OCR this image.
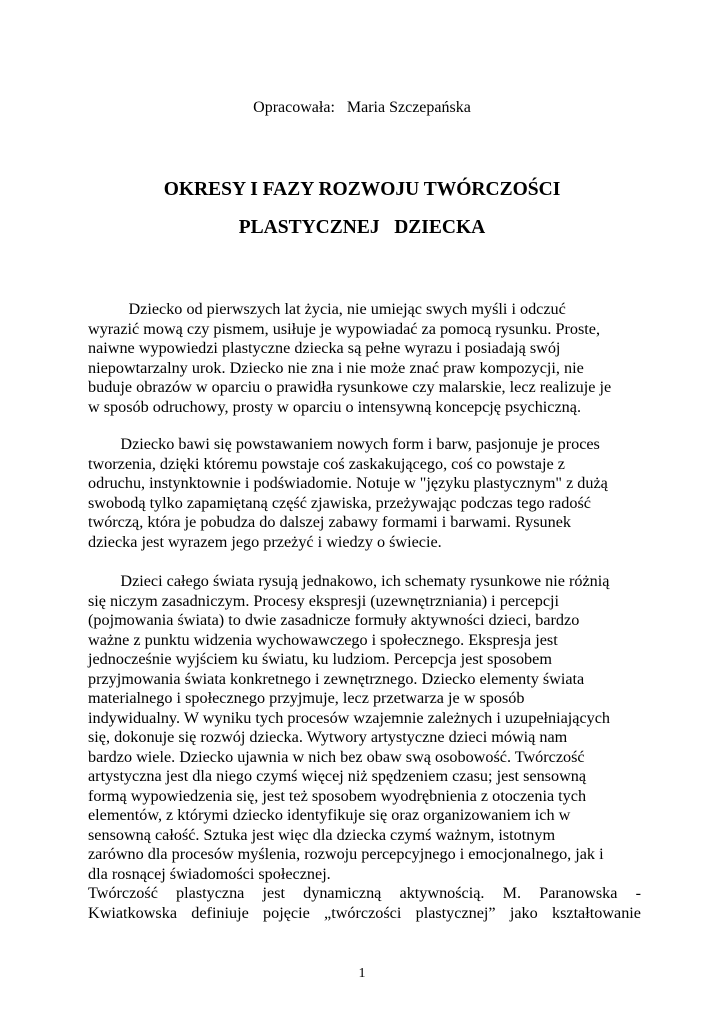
Opracowała:   Maria Szczepańska
OKRESY I FAZY ROZWOJU TWÓRCZOŚCI
PLASTYCZNEJ   DZIECKA
Dziecko od pierwszych lat życia, nie umiejąc swych myśli i odczuć
wyrazić mową czy pismem, usiłuje je wypowiadać za pomocą rysunku. Proste,
naiwne wypowiedzi plastyczne dziecka są pełne wyrazu i posiadają swój
niepowtarzalny urok. Dziecko nie zna i nie może znać praw kompozycji, nie
buduje obrazów w oparciu o prawidła rysunkowe czy malarskie, lecz realizuje je
w sposób odruchowy, prosty w oparciu o intensywną koncepcję psychiczną.
Dziecko bawi się powstawaniem nowych form i barw, pasjonuje je proces
tworzenia, dzięki któremu powstaje coś zaskakującego, coś co powstaje z
odruchu, instynktownie i podświadomie. Notuje w "języku plastycznym" z dużą
swobodą tylko zapamiętaną część zjawiska, przeżywając podczas tego radość
twórczą, która je pobudza do dalszej zabawy formami i barwami. Rysunek
dziecka jest wyrazem jego przeżyć i wiedzy o świecie.
Dzieci całego świata rysują jednakowo, ich schematy rysunkowe nie różnią
się niczym zasadniczym. Procesy ekspresji (uzewnętrzniania) i percepcji
(pojmowania świata) to dwie zasadnicze formuły aktywności dzieci, bardzo
ważne z punktu widzenia wychowawczego i społecznego. Ekspresja jest
jednocześnie wyjściem ku światu, ku ludziom. Percepcja jest sposobem
przyjmowania świata konkretnego i zewnętrznego. Dziecko elementy świata
materialnego i społecznego przyjmuje, lecz przetwarza je w sposób
indywidualny. W wyniku tych procesów wzajemnie zależnych i uzupełniających
się, dokonuje się rozwój dziecka. Wytwory artystyczne dzieci mówią nam
bardzo wiele. Dziecko ujawnia w nich bez obaw swą osobowość. Twórczość
artystyczna jest dla niego czymś więcej niż spędzeniem czasu; jest sensowną
formą wypowiedzenia się, jest też sposobem wyodrębnienia z otoczenia tych
elementów, z którymi dziecko identyfikuje się oraz organizowaniem ich w
sensowną całość. Sztuka jest więc dla dziecka czymś ważnym, istotnym
zarówno dla procesów myślenia, rozwoju percepcyjnego i emocjonalnego, jak i
dla rosnącej świadomości społecznej.
Twórczość plastyczna jest dynamiczną aktywnością. M. Paranowska -
Kwiatkowska definiuje pojęcie „twórczości plastycznej” jako kształtowanie
1
